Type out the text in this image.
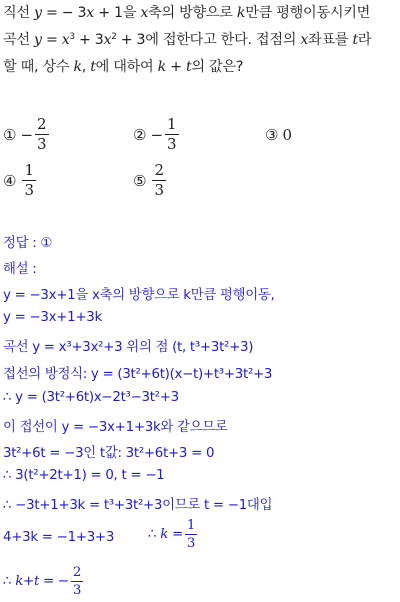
직선 y = − 3x + 1을 x축의 방향으로 k만큼 평행이동시키면
곡선 $y = x^3 + 3x^2 + 3$에 접한다고 한다. 접점의 x좌표를 t라
할 때, 상수 k, t에 대하여 k + t의 값은?
① − $\frac{2}{3}$	② − $\frac{1}{3}$	③ 0
④ $\frac{1}{3}$	⑤ $\frac{2}{3}$
정답 : ①
해설 :
y = −3x+1을 x축의 방향으로 k만큼 평행이동,
y = −3x+1+3k
곡선 y = x³+3x²+3 위의 점 (t, t³+3t²+3)
접선의 방정식: y = (3t²+6t)(x−t)+t³+3t²+3
∴ y = (3t²+6t)x−2t³−3t²+3
이 접선이 y = −3x+1+3k와 같으므로
3t²+6t = −3인 t값: 3t²+6t+3 = 0
∴ 3(t²+2t+1) = 0, t = −1
∴ −3t+1+3k = t³+3t²+3이므로 t = −1대입
4+3k = −1+3+3	∴ $k = \frac{1}{3}$
∴ k+t = − $\frac{2}{3}$
